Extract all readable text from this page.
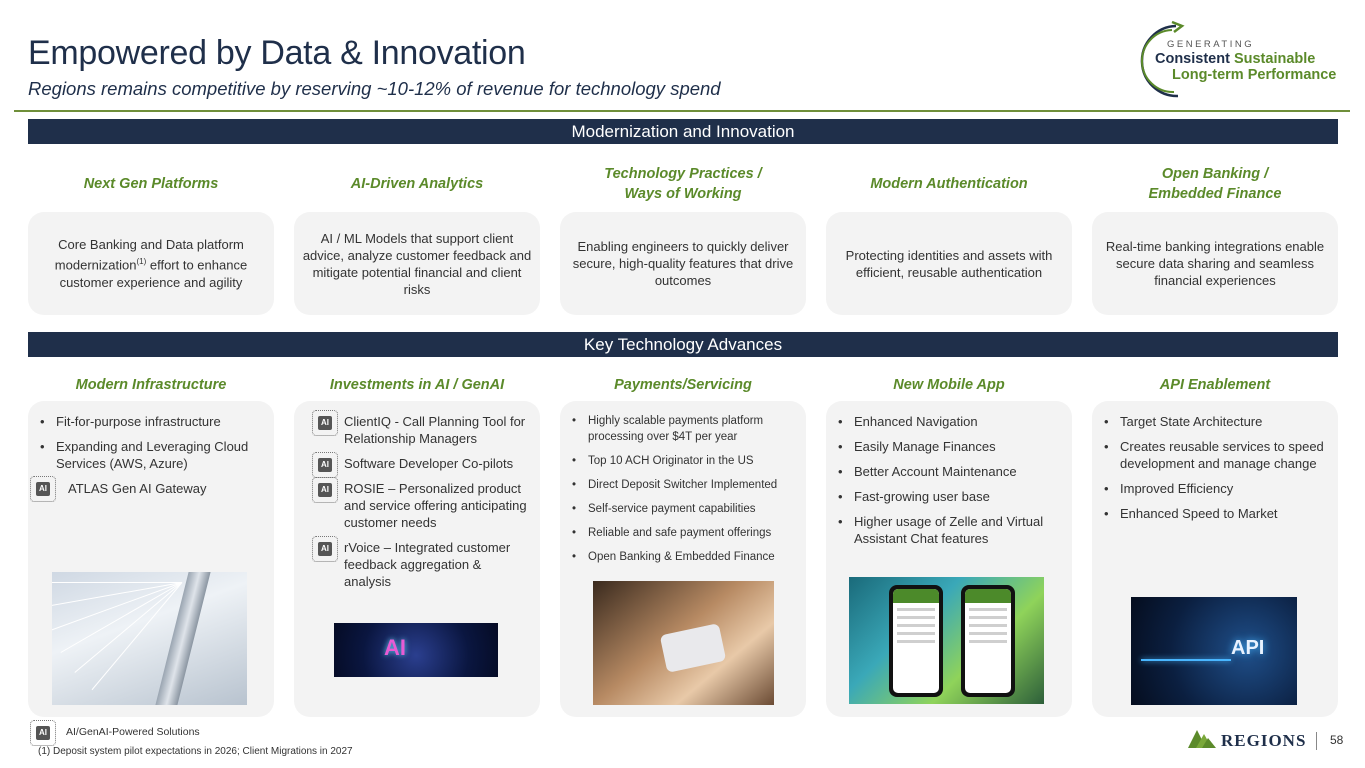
Empowered by Data & Innovation
Regions remains competitive by reserving ~10-12% of revenue for technology spend
GENERATING
Consistent Sustainable
Long-term Performance
Modernization and Innovation
Next Gen Platforms	AI-Driven Analytics
Technology Practices / Ways of Working
Modern Authentication
Open Banking / Embedded Finance
Core Banking and Data platform modernization$^{(1)}$ effort to enhance customer experience and agility
AI / ML Models that support client advice, analyze customer feedback and mitigate potential financial and client risks
Enabling engineers to quickly deliver secure, high-quality features that drive outcomes
Protecting identities and assets with efficient, reusable authentication
Real-time banking integrations enable secure data sharing and seamless financial experiences
Key Technology Advances
Modern Infrastructure	Investments in AI / GenAI	Payments/Servicing	New Mobile App	API Enablement
• Fit-for-purpose infrastructure
• Expanding and Leveraging Cloud Services (AWS, Azure)
AI ATLAS Gen AI Gateway
AI ClientIQ - Call Planning Tool for Relationship Managers
AI Software Developer Co-pilots
AI ROSIE – Personalized product and service offering anticipating customer needs
AI rVoice – Integrated customer feedback aggregation & analysis
• Highly scalable payments platform processing over $4T per year
• Top 10 ACH Originator in the US
• Direct Deposit Switcher Implemented
• Self-service payment capabilities
• Reliable and safe payment offerings
• Open Banking & Embedded Finance
• Enhanced Navigation
• Easily Manage Finances
• Better Account Maintenance
• Fast-growing user base
• Higher usage of Zelle and Virtual Assistant Chat features
• Target State Architecture
• Creates reusable services to speed development and manage change
• Improved Efficiency
• Enhanced Speed to Market
AI	API
AI AI/GenAI-Powered Solutions
(1) Deposit system pilot expectations in 2026; Client Migrations in 2027
REGIONS 58
